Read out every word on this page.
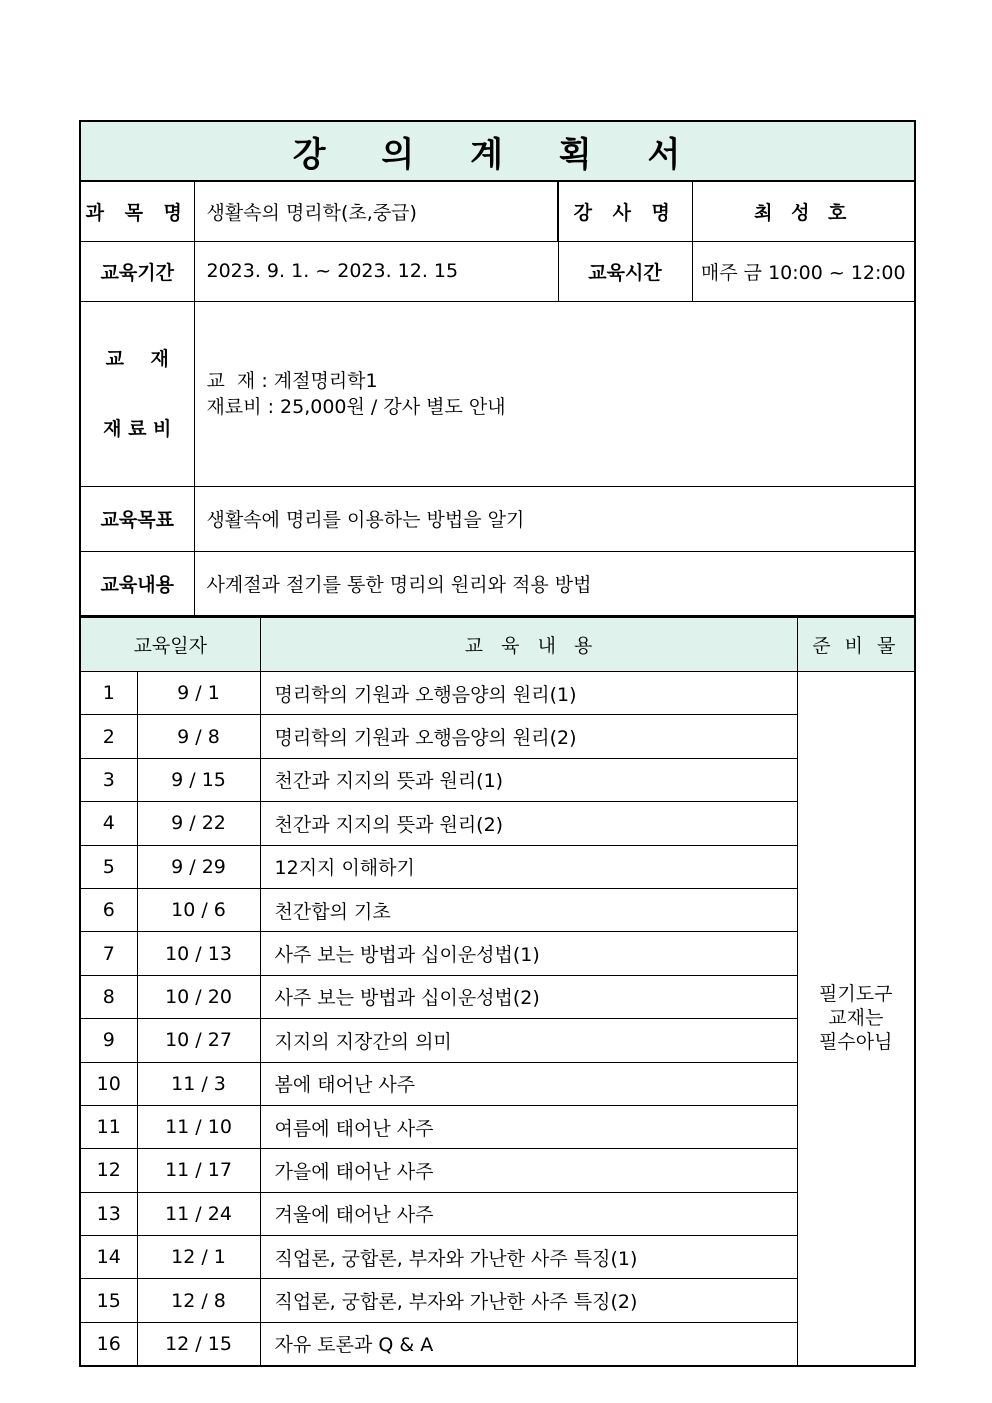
강 의 계 획 서			
과 목 명	생활속의 명리학(초,중급)	강 사 명	최 성 호
교육기간	2023. 9. 1. ~ 2023. 12. 15	교육시간	매주 금 10:00 ~ 12:00

교    재

재 료 비	교  재 : 계절명리학1
재료비 : 25,000원 / 강사 별도 안내		

교육목표	생활속에 명리를 이용하는 방법을 알기		
교육내용	사계절과 절기를 통한 명리의 원리와 적용 방법		
교육일자		교   육   내   용	준 비 물
1	9 / 1	명리학의 기원과 오행음양의 원리(1)	필기도구
교재는
필수아님

2	9 / 8	명리학의 기원과 오행음양의 원리(2)	
3	9 / 15	천간과 지지의 뜻과 원리(1)	
4	9 / 22	천간과 지지의 뜻과 원리(2)	
5	9 / 29	12지지 이해하기	
6	10 / 6	천간합의 기초	
7	10 / 13	사주 보는 방법과 십이운성법(1)	
8	10 / 20	사주 보는 방법과 십이운성법(2)	
9	10 / 27	지지의 지장간의 의미	
10	11 / 3	봄에 태어난 사주	
11	11 / 10	여름에 태어난 사주	
12	11 / 17	가을에 태어난 사주	
13	11 / 24	겨울에 태어난 사주	
14	12 / 1	직업론, 궁합론, 부자와 가난한 사주 특징(1)	
15	12 / 8	직업론, 궁합론, 부자와 가난한 사주 특징(2)	
16	12 / 15	자유 토론과 Q & A	
